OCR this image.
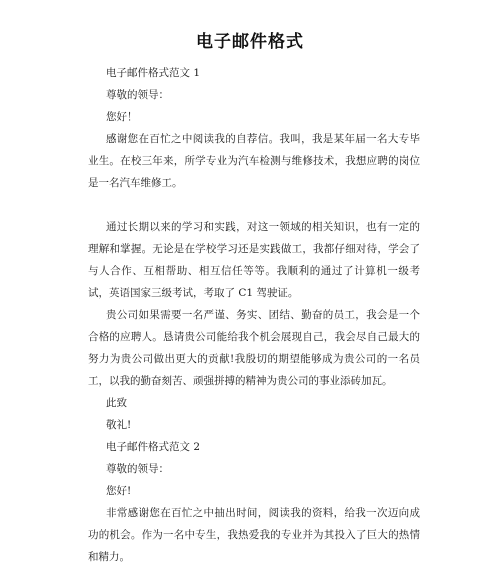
电子邮件格式
电子邮件格式范文 1
尊敬的领导：
您好！
感谢您在百忙之中阅读我的自荐信。我叫，我是某年届一名大专毕业生。在校三年来，所学专业为汽车检测与维修技术，我想应聘的岗位是一名汽车维修工。
通过长期以来的学习和实践，对这一领域的相关知识，也有一定的理解和掌握。无论是在学校学习还是实践做工，我都仔细对待，学会了与人合作、互相帮助、相互信任等等。我顺利的通过了计算机一级考试，英语国家三级考试，考取了 C1 驾驶证。
贵公司如果需要一名严谨、务实、团结、勤奋的员工，我会是一个合格的应聘人。恳请贵公司能给我个机会展现自己，我会尽自己最大的努力为贵公司做出更大的贡献!我殷切的期望能够成为贵公司的一名员工，以我的勤奋刻苦、顽强拼搏的精神为贵公司的事业添砖加瓦。
此致
敬礼!
电子邮件格式范文 2
尊敬的领导：
您好!
非常感谢您在百忙之中抽出时间，阅读我的资料，给我一次迈向成功的机会。作为一名中专生，我热爱我的专业并为其投入了巨大的热情和精力。
